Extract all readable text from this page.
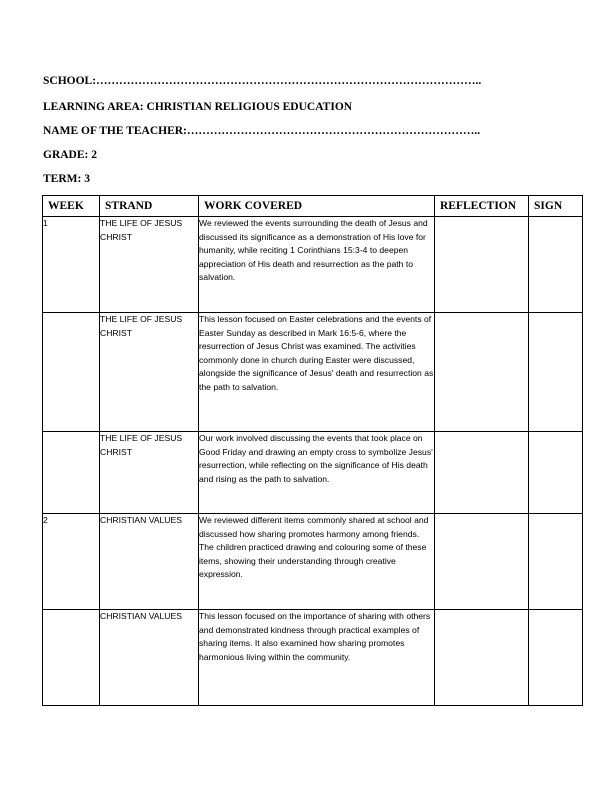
SCHOOL:………………………………………………………………………………………..
LEARNING AREA: CHRISTIAN RELIGIOUS EDUCATION
NAME OF THE TEACHER:…………………………………………………………………..
GRADE: 2
TERM: 3
WEEK	STRAND	WORK COVERED	REFLECTION	SIGN
1	THE LIFE OF JESUS CHRIST	We reviewed the events surrounding the death of Jesus and discussed its significance as a demonstration of His love for humanity, while reciting 1 Corinthians 15:3-4 to deepen appreciation of His death and resurrection as the path to salvation.		
	THE LIFE OF JESUS CHRIST	This lesson focused on Easter celebrations and the events of Easter Sunday as described in Mark 16:5-6, where the resurrection of Jesus Christ was examined. The activities commonly done in church during Easter were discussed, alongside the significance of Jesus' death and resurrection as the path to salvation.		
	THE LIFE OF JESUS CHRIST	Our work involved discussing the events that took place on Good Friday and drawing an empty cross to symbolize Jesus' resurrection, while reflecting on the significance of His death and rising as the path to salvation.		
2	CHRISTIAN VALUES	We reviewed different items commonly shared at school and discussed how sharing promotes harmony among friends. The children practiced drawing and colouring some of these items, showing their understanding through creative expression.		
	CHRISTIAN VALUES	This lesson focused on the importance of sharing with others and demonstrated kindness through practical examples of sharing items. It also examined how sharing promotes harmonious living within the community.		
